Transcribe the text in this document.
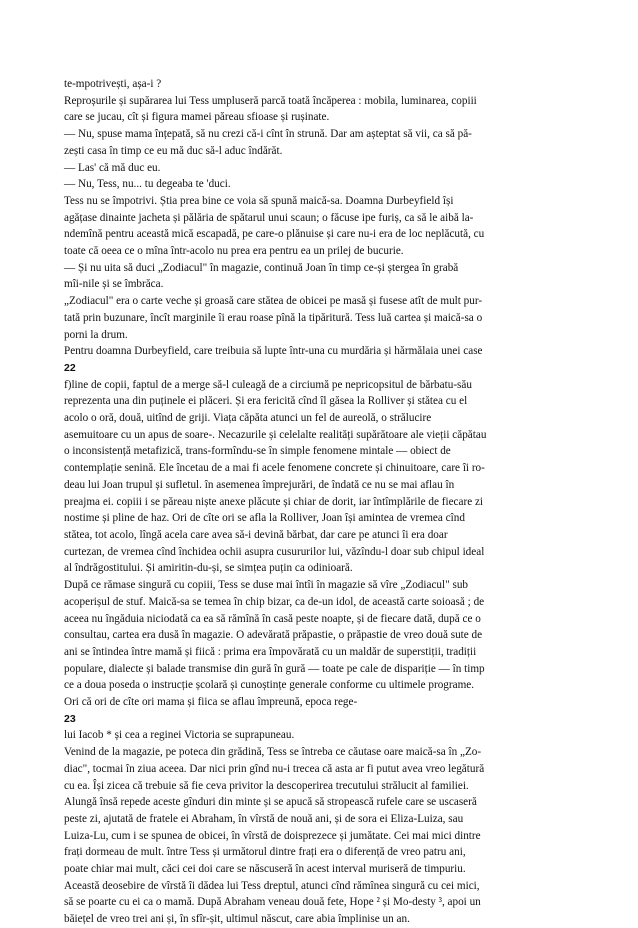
te-mpotrivești, așa-i ?
Reproșurile și supărarea lui Tess umpluseră parcă toată încăperea : mobila, luminarea, copiii
care se jucau, cît și figura mamei păreau sfioase și rușinate.
— Nu, spuse mama înțepată, să nu crezi că-i cînt în strună. Dar am așteptat să vii, ca să pă-
zești casa în timp ce eu mă duc să-l aduc îndărăt.
— Las' că mă duc eu.
— Nu, Tess, nu... tu degeaba te 'duci.
Tess nu se împotrivi. Știa prea bine ce voia să spună maică-sa. Doamna Durbeyfield își
agățase dinainte jacheta și pălăria de spătarul unui scaun; o făcuse ipe furiș, ca să le aibă la-
ndemînă pentru această mică escapadă, pe care-o plănuise și care nu-i era de loc neplăcută, cu
toate că oeea ce o mîna într-acolo nu prea era pentru ea un prilej de bucurie.
— Și nu uita să duci „Zodiacul" în magazie, continuă Joan în timp ce-și ștergea în grabă
mîi-nile și se îmbrăca.
„Zodiacul" era o carte veche și groasă care stătea de obicei pe masă și fusese atît de mult pur-
tată prin buzunare, încît marginile îi erau roase pînă la tipăritură. Tess luă cartea și maică-sa o
porni la drum.
Pentru doamna Durbeyfield, care treibuia să lupte într-una cu murdăria și hărmălaia unei case
22
f)line de copii, faptul de a merge să-l culeagă de a circiumă pe nepricopsitul de bărbatu-său
reprezenta una din puținele ei plăceri. Și era fericită cînd îl găsea la Rolliver și stătea cu el
acolo o oră, două, uitînd de griji. Viața căpăta atunci un fel de aureolă, o strălucire
asemuitoare cu un apus de soare-. Necazurile și celelalte realități supărătoare ale vieții căpătau
o inconsistență metafizică, trans-formîndu-se în simple fenomene mintale — obiect de
contemplație senină. Ele încetau de a mai fi acele fenomene concrete și chinuitoare, care îi ro-
deau lui Joan trupul și sufletul. în asemenea împrejurări, de îndată ce nu se mai aflau în
preajma ei. copiii i se păreau niște anexe plăcute și chiar de dorit, iar întîmplările de fiecare zi
nostime și pline de haz. Ori de cîte ori se afla la Rolliver, Joan își amintea de vremea cînd
stătea, tot acolo, lîngă acela care avea să-i devină bărbat, dar care pe atunci îi era doar
curtezan, de vremea cînd închidea ochii asupra cusururilor lui, văzîndu-l doar sub chipul ideal
al îndrăgostitului. Și amiritin-du-și, se simțea puțin ca odinioară.
După ce rămase singură cu copiii, Tess se duse mai întîi în magazie să vîre „Zodiacul" sub
acoperișul de stuf. Maică-sa se temea în chip bizar, ca de-un idol, de această carte soioasă ; de
aceea nu îngăduia niciodată ca ea să rămînă în casă peste noapte, și de fiecare dată, după ce o
consultau, cartea era dusă în magazie. O adevărată prăpastie, o prăpastie de vreo două sute de
ani se întindea între mamă și fiică : prima era împovărată cu un maldăr de superstiții, tradiții
populare, dialecte și balade transmise din gură în gură — toate pe cale de dispariție — în timp
ce a doua poseda o instrucție școlară și cunoștințe generale conforme cu ultimele programe.
Ori că ori de cîte ori mama și fiica se aflau împreună, epoca rege-
23
lui Iacob * și cea a reginei Victoria se suprapuneau.
Venind de la magazie, pe poteca din grădină, Tess se întreba ce căutase oare maică-sa în „Zo-
diac", tocmai în ziua aceea. Dar nici prin gînd nu-i trecea că asta ar fi putut avea vreo legătură
cu ea. Își zicea că trebuie să fie ceva privitor la descoperirea trecutului strălucit al familiei.
Alungă însă repede aceste gînduri din minte și se apucă să stropească rufele care se uscaseră
peste zi, ajutată de fratele ei Abraham, în vîrstă de nouă ani, și de sora ei Eliza-Luiza, sau
Luiza-Lu, cum i se spunea de obicei, în vîrstă de doisprezece și jumătate. Cei mai mici dintre
frați dormeau de mult. între Tess și următorul dintre frați era o diferență de vreo patru ani,
poate chiar mai mult, căci cei doi care se născuseră în acest interval muriseră de timpuriu.
Această deosebire de vîrstă îi dădea lui Tess dreptul, atunci cînd rămînea singură cu cei mici,
să se poarte cu ei ca o mamă. După Abraham veneau două fete, Hope ² și Mo-desty ³, apoi un
băiețel de vreo trei ani și, în sfîr-șit, ultimul născut, care abia împlinise un an.
